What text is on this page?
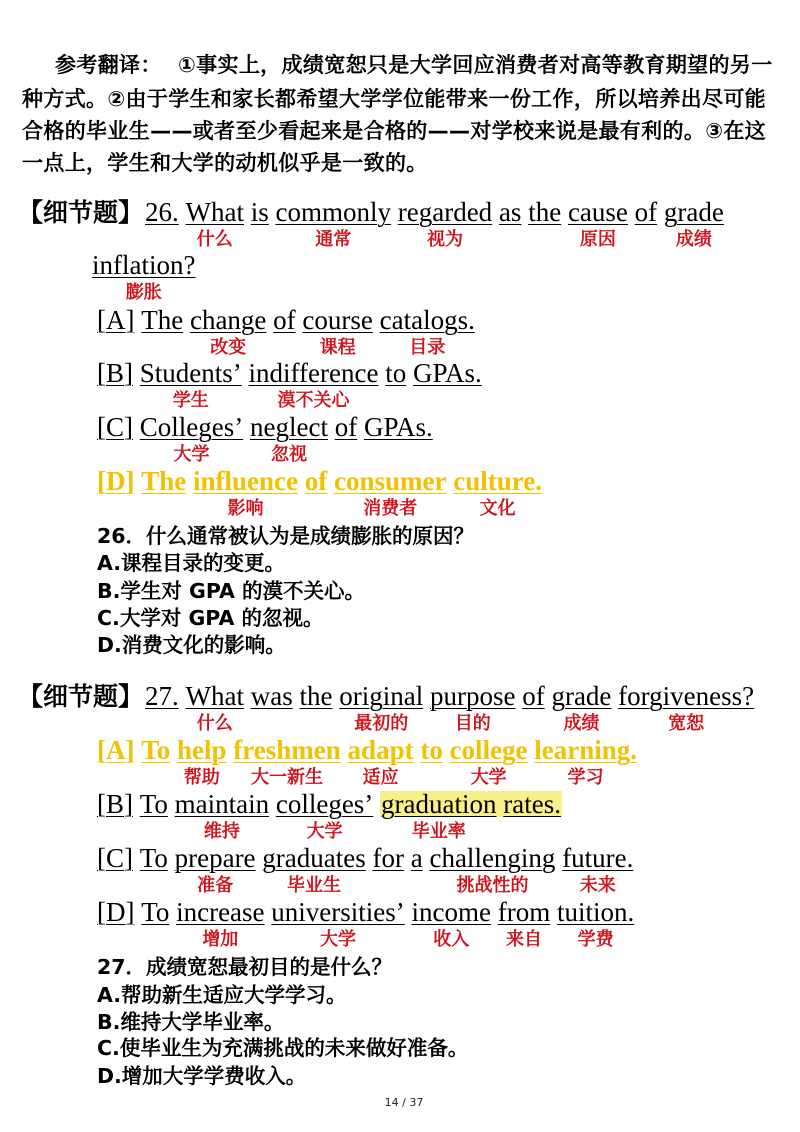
参考翻译： ①事实上，成绩宽恕只是大学回应消费者对高等教育期望的另一
种方式。②由于学生和家长都希望大学学位能带来一份工作，所以培养出尽可能
合格的毕业生——或者至少看起来是合格的——对学校来说是最有利的。③在这
一点上，学生和大学的动机似乎是一致的。
【细节题】26. What
什么
is commonly
通常
regarded
视为
as the cause
原因
of grade
成绩
inflation?
膨胀
[A] The change
改变
of course
课程
catalogs.
目录
[B] Students’
学生
indifference
漠不关心
to GPAs.
[C] Colleges’
大学
neglect
忽视
of GPAs.
[D] The influence
影响
of consumer
消费者
culture.
文化
26．什么通常被认为是成绩膨胀的原因？
A.课程目录的变更。
B.学生对 GPA 的漠不关心。
C.大学对 GPA 的忽视。
D.消费文化的影响。
【细节题】27. What
什么
was the original
最初的
purpose
目的
of grade
成绩
forgiveness?
宽恕
[A] To help
帮助
freshmen
大一新生
adapt
适应
to college
大学
learning.
学习
[B] To maintain
维持
colleges’
大学
graduation
毕业率
rates.
[C] To prepare
准备
graduates
毕业生
for a challenging
挑战性的
future.
未来
[D] To increase
增加
universities’
大学
income
收入
from
来自
tuition.
学费
27．成绩宽恕最初目的是什么？
A.帮助新生适应大学学习。
B.维持大学毕业率。
C.使毕业生为充满挑战的未来做好准备。
D.增加大学学费收入。
14 / 37
